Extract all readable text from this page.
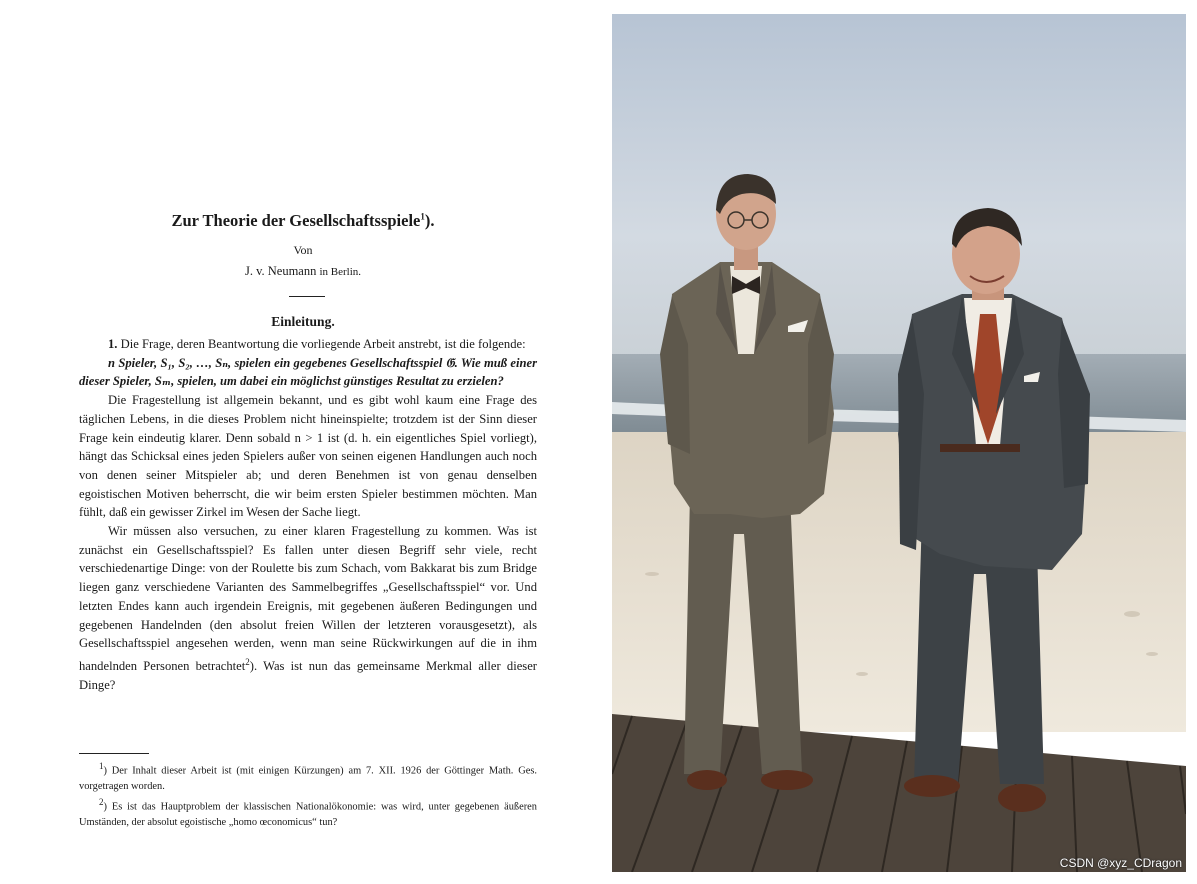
Zur Theorie der Gesellschaftsspiele$^1$).
Von
J. v. Neumann in Berlin.
Einleitung.

1. Die Frage, deren Beantwortung die vorliegende Arbeit anstrebt, ist die folgende:

n Spieler, S₁, S₂, …, Sₙ, spielen ein gegebenes Gesellschaftsspiel 𝔊. Wie muß einer dieser Spieler, Sₘ, spielen, um dabei ein möglichst günstiges Resultat zu erzielen?

Die Fragestellung ist allgemein bekannt, und es gibt wohl kaum eine Frage des täglichen Lebens, in die dieses Problem nicht hineinspielte; trotzdem ist der Sinn dieser Frage kein eindeutig klarer. Denn sobald n > 1 ist (d. h. ein eigentliches Spiel vorliegt), hängt das Schicksal eines jeden Spielers außer von seinen eigenen Handlungen auch noch von denen seiner Mitspieler ab; und deren Benehmen ist von genau denselben egoistischen Motiven beherrscht, die wir beim ersten Spieler bestimmen möchten. Man fühlt, daß ein gewisser Zirkel im Wesen der Sache liegt.

Wir müssen also versuchen, zu einer klaren Fragestellung zu kommen. Was ist zunächst ein Gesellschaftsspiel? Es fallen unter diesen Begriff sehr viele, recht verschiedenartige Dinge: von der Roulette bis zum Schach, vom Bakkarat bis zum Bridge liegen ganz verschiedene Varianten des Sammelbegriffes „Gesellschaftsspiel“ vor. Und letzten Endes kann auch irgendein Ereignis, mit gegebenen äußeren Bedingungen und gegebenen Handelnden (den absolut freien Willen der letzteren vorausgesetzt), als Gesellschaftsspiel angesehen werden, wenn man seine Rückwirkungen auf die in ihm handelnden Personen betrachtet$^2$). Was ist nun das gemeinsame Merkmal aller dieser Dinge?

$^1$) Der Inhalt dieser Arbeit ist (mit einigen Kürzungen) am 7. XII. 1926 der Göttinger Math. Ges. vorgetragen worden.

$^2$) Es ist das Hauptproblem der klassischen Nationalökonomie: was wird, unter gegebenen äußeren Umständen, der absolut egoistische „homo œconomicus“ tun?

CSDN @xyz_CDragon
